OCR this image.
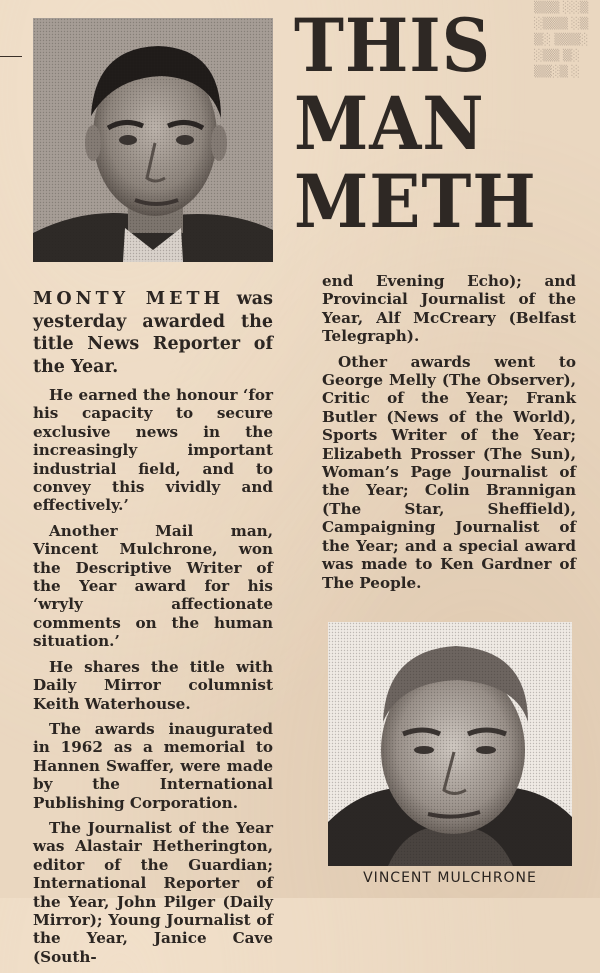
▒▒▒ ░░▒
░▒▒▒ ░▒
▒░ ▒▒▒░
░▒▒ ▒░
▒▒░▒ ░
THIS
MAN
METH

MONTY METH was yesterday awarded the title News Reporter of the Year.

He earned the honour ‘for his capacity to secure exclusive news in the increasingly important industrial field, and to convey this vividly and effectively.’

Another Mail man, Vincent Mulchrone, won the Descriptive Writer of the Year award for his ‘wryly affectionate comments on the human situation.’

He shares the title with Daily Mirror columnist Keith Waterhouse.

The awards inaugurated in 1962 as a memorial to Hannen Swaffer, were made by the International Publishing Corporation.

The Journalist of the Year was Alastair Hetherington, editor of the Guardian; International Reporter of the Year, John Pilger (Daily Mirror); Young Journalist of the Year, Janice Cave (South-

end Evening Echo); and Provincial Journalist of the Year, Alf McCreary (Belfast Telegraph).

Other awards went to George Melly (The Observer), Critic of the Year; Frank Butler (News of the World), Sports Writer of the Year; Elizabeth Prosser (The Sun), Woman’s Page Journalist of the Year; Colin Brannigan (The Star, Sheffield), Campaigning Journalist of the Year; and a special award was made to Ken Gardner of The People.

VINCENT MULCHRONE
